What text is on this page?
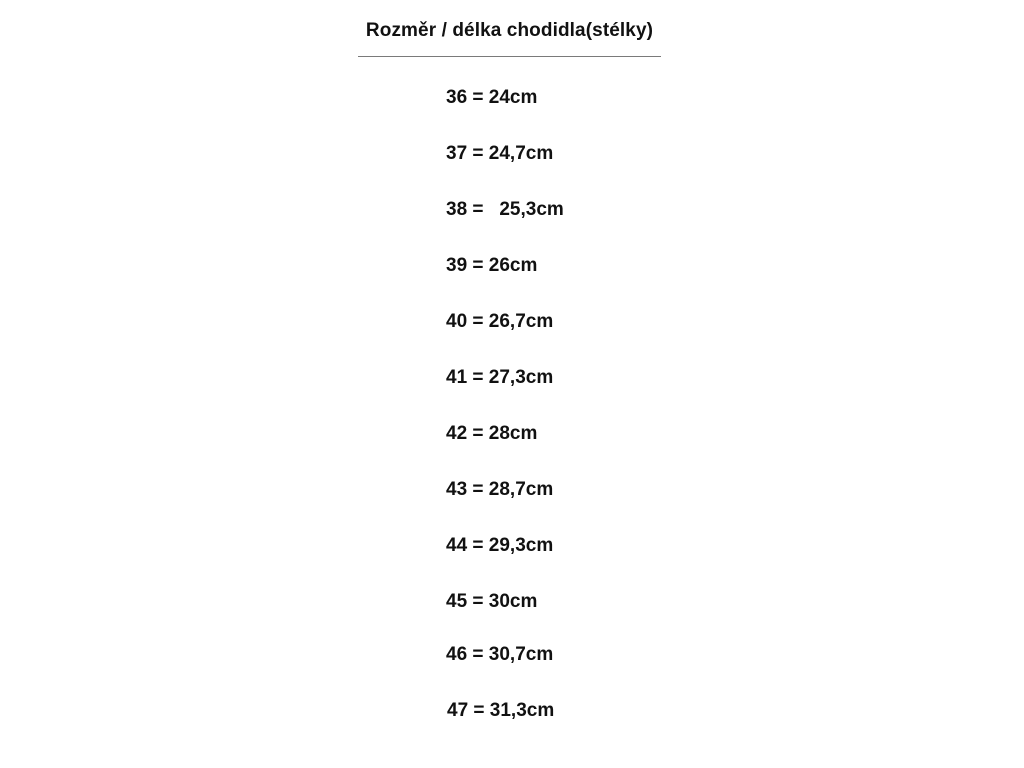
Rozměr / délka chodidla(stélky)
36 = 24cm
37 = 24,7cm
38 =   25,3cm
39 = 26cm
40 = 26,7cm
41 = 27,3cm
42 = 28cm
43 = 28,7cm
44 = 29,3cm
45 = 30cm
46 = 30,7cm
47 = 31,3cm
